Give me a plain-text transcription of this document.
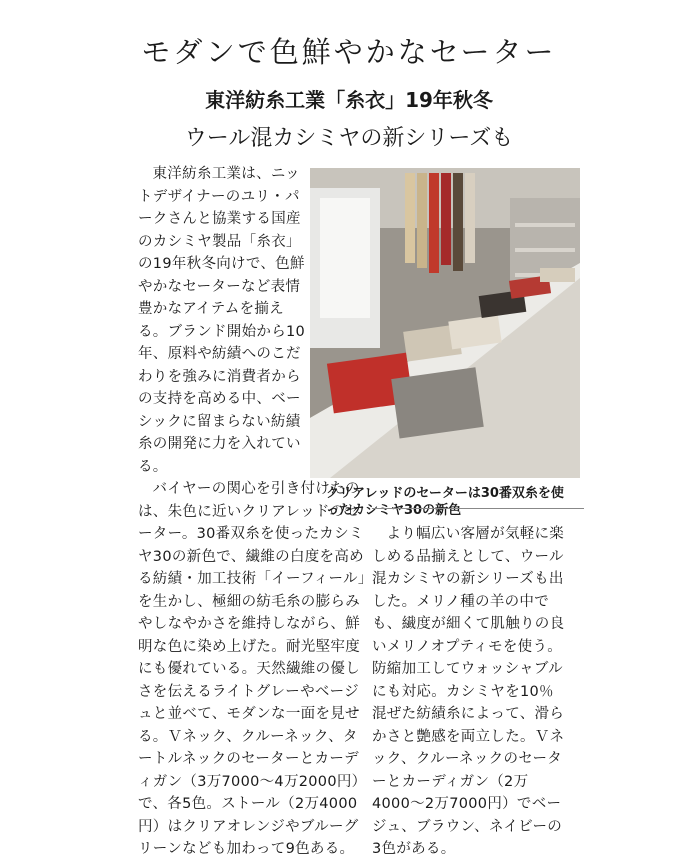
モダンで色鮮やかなセーター
東洋紡糸工業「糸衣」19年秋冬
ウール混カシミヤの新シリーズも

東洋紡糸工業は、ニットデザイナーのユリ・パークさんと協業する国産のカシミヤ製品「糸衣」の19年秋冬向けで、色鮮やかなセーターなど表情豊かなアイテムを揃える。ブランド開始から10年、原料や紡績へのこだわりを強みに消費者からの支持を高める中、ベーシックに留まらない紡績糸の開発に力を入れている。

バイヤーの関心を引き付けたのは、朱色に近いクリアレッドのセーター。30番双糸を使ったカシミヤ30の新色で、繊維の白度を高める紡績・加工技術「イーフィール」を生かし、極細の紡毛糸の膨らみやしなやかさを維持しながら、鮮明な色に染め上げた。耐光堅牢度にも優れている。天然繊維の優しさを伝えるライトグレーやベージュと並べて、モダンな一面を見せる。Ｖネック、クルーネック、タートルネックのセーターとカーディガン（3万7000～4万2000円）で、各5色。ストール（2万4000円）はクリアオレンジやブルーグリーンなども加わって9色ある。

クリアレッドのセーターは30番双糸を使ったカシミヤ30の新色

より幅広い客層が気軽に楽しめる品揃えとして、ウール混カシミヤの新シリーズも出した。メリノ種の羊の中でも、繊度が細くて肌触りの良いメリノオプティモを使う。防縮加工してウォッシャブルにも対応。カシミヤを10％混ぜた紡績糸によって、滑らかさと艶感を両立した。Ｖネック、クルーネックのセーターとカーディガン（2万4000～2万7000円）でベージュ、ブラウン、ネイビーの3色がある。
